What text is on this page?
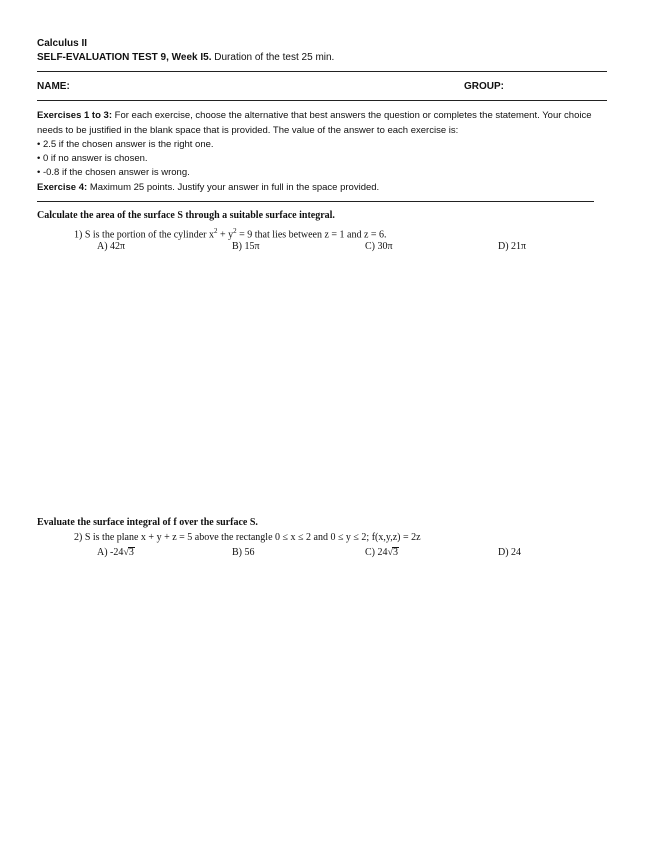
Calculus II
SELF-EVALUATION TEST 9, Week I5. Duration of the test 25 min.
NAME:	GROUP:
Exercises 1 to 3: For each exercise, choose the alternative that best answers the question or completes the statement. Your choice
needs to be justified in the blank space that is provided. The value of the answer to each exercise is:
• 2.5 if the chosen answer is the right one.
• 0 if no answer is chosen.
• -0.8 if the chosen answer is wrong.
Exercise 4: Maximum 25 points. Justify your answer in full in the space provided.
Calculate the area of the surface S through a suitable surface integral.
1) S is the portion of the cylinder $x^2 + y^2 = 9$ that lies between z = 1 and z = 6.
A) 42π	B) 15π	C) 30π	D) 21π
Evaluate the surface integral of f over the surface S.
2) S is the plane x + y + z = 5 above the rectangle 0 ≤ x ≤ 2 and 0 ≤ y ≤ 2; f(x,y,z) = 2z
A) -24√3	B) 56	C) 24√3	D) 24
